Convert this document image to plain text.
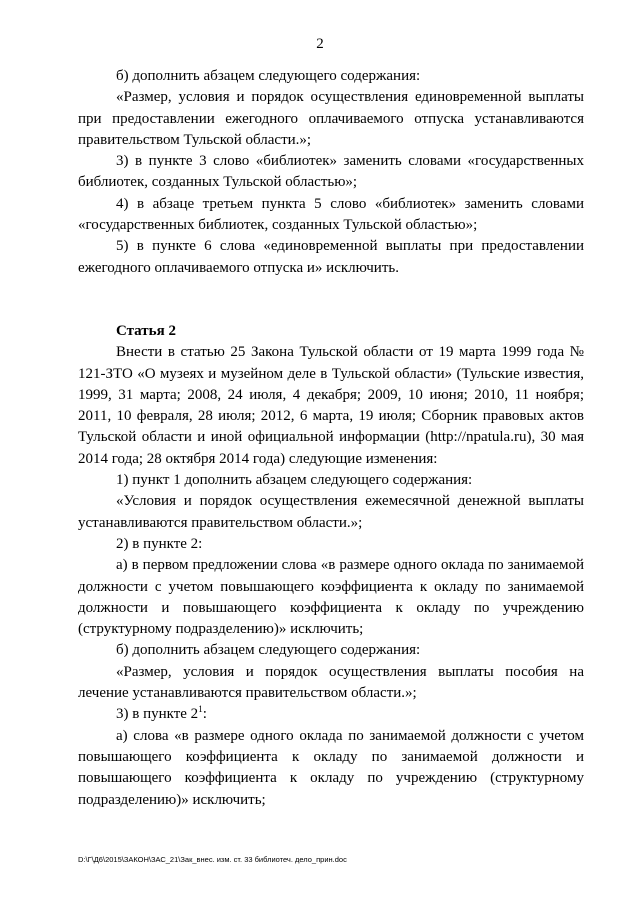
2

б) дополнить абзацем следующего содержания:

«Размер, условия и порядок осуществления единовременной выплаты при предоставлении ежегодного оплачиваемого отпуска устанавливаются правительством Тульской области.»;

3) в пункте 3 слово «библиотек» заменить словами «государственных библиотек, созданных Тульской областью»;

4) в абзаце третьем пункта 5 слово «библиотек» заменить словами «государственных библиотек, созданных Тульской областью»;

5) в пункте 6 слова «единовременной выплаты при предоставлении ежегодного оплачиваемого отпуска и» исключить.

Статья 2

Внести в статью 25 Закона Тульской области от 19 марта 1999 года № 121-ЗТО «О музеях и музейном деле в Тульской области» (Тульские известия, 1999, 31 марта; 2008, 24 июля, 4 декабря; 2009, 10 июня; 2010, 11 ноября; 2011, 10 февраля, 28 июля; 2012, 6 марта, 19 июля; Сборник правовых актов Тульской области и иной официальной информации (http://npatula.ru), 30 мая 2014 года; 28 октября 2014 года) следующие изменения:

1) пункт 1 дополнить абзацем следующего содержания:

«Условия и порядок осуществления ежемесячной денежной выплаты устанавливаются правительством области.»;

2) в пункте 2:

а) в первом предложении слова «в размере одного оклада по занимаемой должности с учетом повышающего коэффициента к окладу по занимаемой должности и повышающего коэффициента к окладу по учреждению (структурному подразделению)» исключить;

б) дополнить абзацем следующего содержания:

«Размер, условия и порядок осуществления выплаты пособия на лечение устанавливаются правительством области.»;

3) в пункте $2^1$:

а) слова «в размере одного оклада по занимаемой должности с учетом повышающего коэффициента к окладу по занимаемой должности и повышающего коэффициента к окладу по учреждению (структурному подразделению)» исключить;

D:\Г\Д6\2015\ЗАКОН\ЗАС_21\Зак_внес. изм. ст. 33 библиотеч. дело_прин.doc
